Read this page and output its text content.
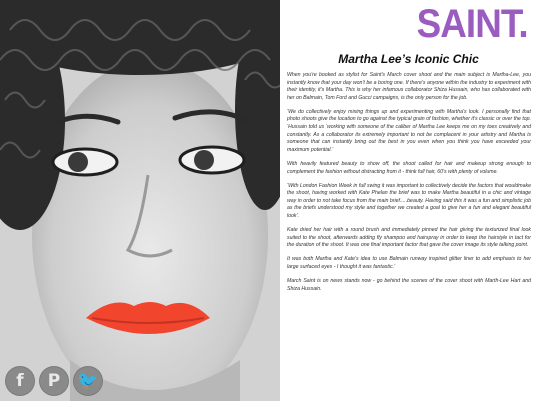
f P 🐦
SAINT.
Martha Lee’s Iconic Chic

When you're booked as stylist for Saint's March cover shoot and the main subject is Martha-Lee, you instantly know that your day won't be a boring one. If there's anyone within the industry to experiment with their identity, it's Martha. This is why her infamous collaborator Shiza Hussain, who has collaborated with her on Balmain, Tom Ford and Gucci campaigns, is the only person for the job.

‘We do collectively enjoy mixing things up and experimenting with Martha's look. I personally find that photo shoots give the location to go against the typical grain of fashion, whether it's classic or over the top. ‘Hussain told us ‘working with someone of the caliber of Martha Lee keeps me on my toes creatively and constantly. As a collaborator its extremely important to not be complacent in your artistry and Martha is someone that can instantly bring out the best in you even when you think you have exceeded your maximum potential.’

With heavily featured beauty to show off, the shoot called for hair and makeup strong enough to complement the fashion without distracting from it - think full hair, 60's with plenty of volume.

‘With London Fashion Week in full swing it was important to collectively decide the factors that wouldmake the shoot, having worked with Kate Phelan the brief was to make Martha beautiful in a chic and vintage way in order to not take focus from the main brief.....beauty. Having said this it was a fun and simplistic job as the briefs understood my style and together we created a goal to give her a fun and elegant beautiful look’.

Kate dried her hair with a round brush and immediately pinned the hair giving the texturized final look suited to the shoot, afterwards adding fly shampoo and hairspray in order to keep the hairstyle in tact for the duration of the shoot. It was one final important factor that gave the cover image its style talking point.

It was both Martha and Kate's idea to use Balmain runway inspired glitter liner to add emphasis to her large surfaced eyes - I thought it was fantastic.’

March Saint is on news stands now - go behind the scenes of the cover shoot with Marth-Lee Hart and Shiza Hussain.
